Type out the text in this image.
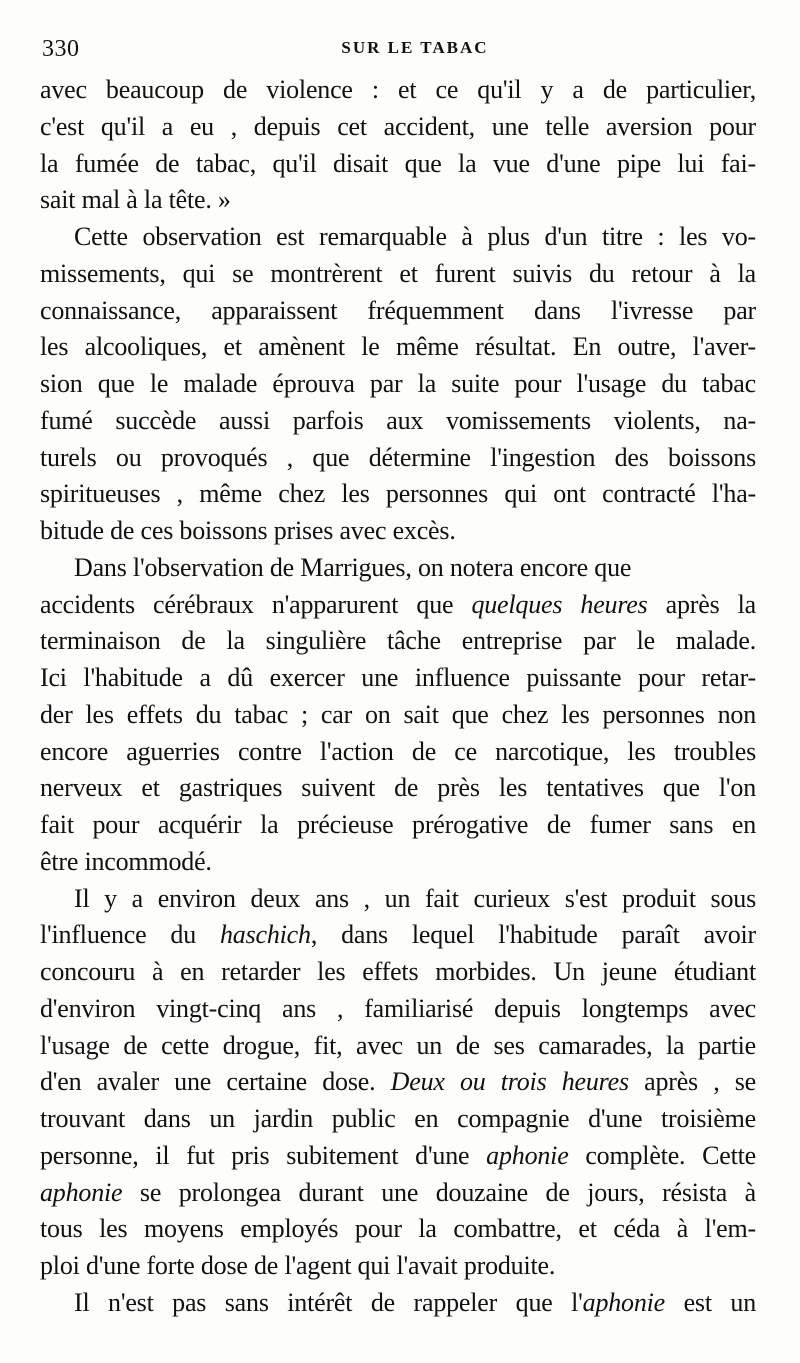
330	SUR LE TABAC
avec beaucoup de violence : et ce qu'il y a de particulier,
c'est qu'il a eu , depuis cet accident, une telle aversion pour
la fumée de tabac, qu'il disait que la vue d'une pipe lui fai-
sait mal à la tête. »
Cette observation est remarquable à plus d'un titre : les vo-
missements, qui se montrèrent et furent suivis du retour à la
connaissance, apparaissent fréquemment dans l'ivresse par
les alcooliques, et amènent le même résultat. En outre, l'aver-
sion que le malade éprouva par la suite pour l'usage du tabac
fumé succède aussi parfois aux vomissements violents, na-
turels ou provoqués , que détermine l'ingestion des boissons
spiritueuses , même chez les personnes qui ont contracté l'ha-
bitude de ces boissons prises avec excès.
Dans l'observation de Marrigues, on notera encore que
accidents cérébraux n'apparurent que quelques heures après la
terminaison de la singulière tâche entreprise par le malade.
Ici l'habitude a dû exercer une influence puissante pour retar-
der les effets du tabac ; car on sait que chez les personnes non
encore aguerries contre l'action de ce narcotique, les troubles
nerveux et gastriques suivent de près les tentatives que l'on
fait pour acquérir la précieuse prérogative de fumer sans en
être incommodé.
Il y a environ deux ans , un fait curieux s'est produit sous
l'influence du haschich, dans lequel l'habitude paraît avoir
concouru à en retarder les effets morbides. Un jeune étudiant
d'environ vingt-cinq ans , familiarisé depuis longtemps avec
l'usage de cette drogue, fit, avec un de ses camarades, la partie
d'en avaler une certaine dose. Deux ou trois heures après , se
trouvant dans un jardin public en compagnie d'une troisième
personne, il fut pris subitement d'une aphonie complète. Cette
aphonie se prolongea durant une douzaine de jours, résista à
tous les moyens employés pour la combattre, et céda à l'em-
ploi d'une forte dose de l'agent qui l'avait produite.
Il n'est pas sans intérêt de rappeler que l'aphonie est un
